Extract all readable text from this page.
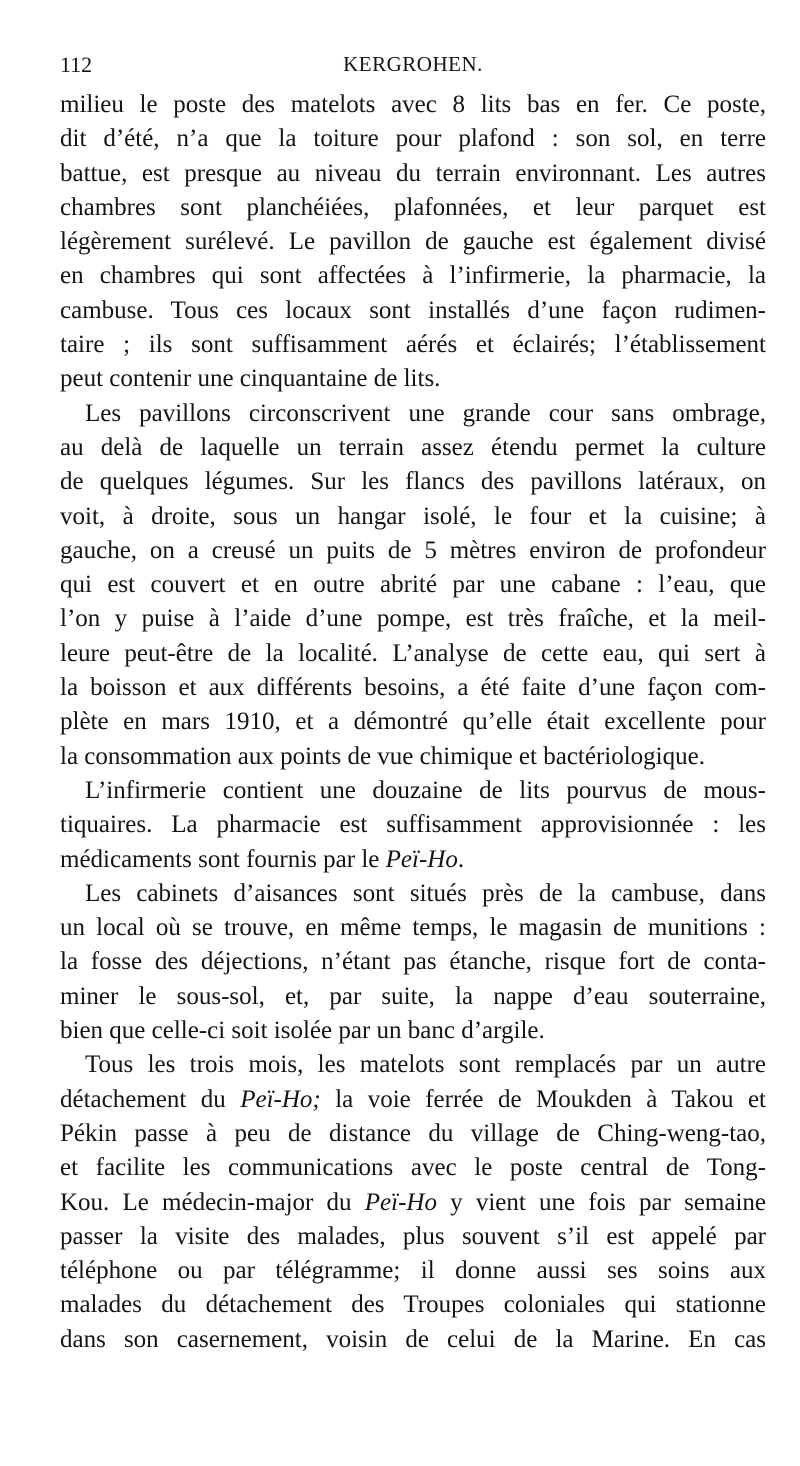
112	KERGROHEN.
milieu le poste des matelots avec 8 lits bas en fer. Ce poste,
dit d’été, n’a que la toiture pour plafond : son sol, en terre
battue, est presque au niveau du terrain environnant. Les autres
chambres sont planchéiées, plafonnées, et leur parquet est
légèrement surélevé. Le pavillon de gauche est également divisé
en chambres qui sont affectées à l’infirmerie, la pharmacie, la
cambuse. Tous ces locaux sont installés d’une façon rudimen-
taire ; ils sont suffisamment aérés et éclairés; l’établissement
peut contenir une cinquantaine de lits.
Les pavillons circonscrivent une grande cour sans ombrage,
au delà de laquelle un terrain assez étendu permet la culture
de quelques légumes. Sur les flancs des pavillons latéraux, on
voit, à droite, sous un hangar isolé, le four et la cuisine; à
gauche, on a creusé un puits de 5 mètres environ de profondeur
qui est couvert et en outre abrité par une cabane : l’eau, que
l’on y puise à l’aide d’une pompe, est très fraîche, et la meil-
leure peut-être de la localité. L’analyse de cette eau, qui sert à
la boisson et aux différents besoins, a été faite d’une façon com-
plète en mars 1910, et a démontré qu’elle était excellente pour
la consommation aux points de vue chimique et bactériologique.
L’infirmerie contient une douzaine de lits pourvus de mous-
tiquaires. La pharmacie est suffisamment approvisionnée : les
médicaments sont fournis par le Peï-Ho.
Les cabinets d’aisances sont situés près de la cambuse, dans
un local où se trouve, en même temps, le magasin de munitions :
la fosse des déjections, n’étant pas étanche, risque fort de conta-
miner le sous-sol, et, par suite, la nappe d’eau souterraine,
bien que celle-ci soit isolée par un banc d’argile.
Tous les trois mois, les matelots sont remplacés par un autre
détachement du Peï-Ho; la voie ferrée de Moukden à Takou et
Pékin passe à peu de distance du village de Ching-weng-tao,
et facilite les communications avec le poste central de Tong-
Kou. Le médecin-major du Peï-Ho y vient une fois par semaine
passer la visite des malades, plus souvent s’il est appelé par
téléphone ou par télégramme; il donne aussi ses soins aux
malades du détachement des Troupes coloniales qui stationne
dans son casernement, voisin de celui de la Marine. En cas
